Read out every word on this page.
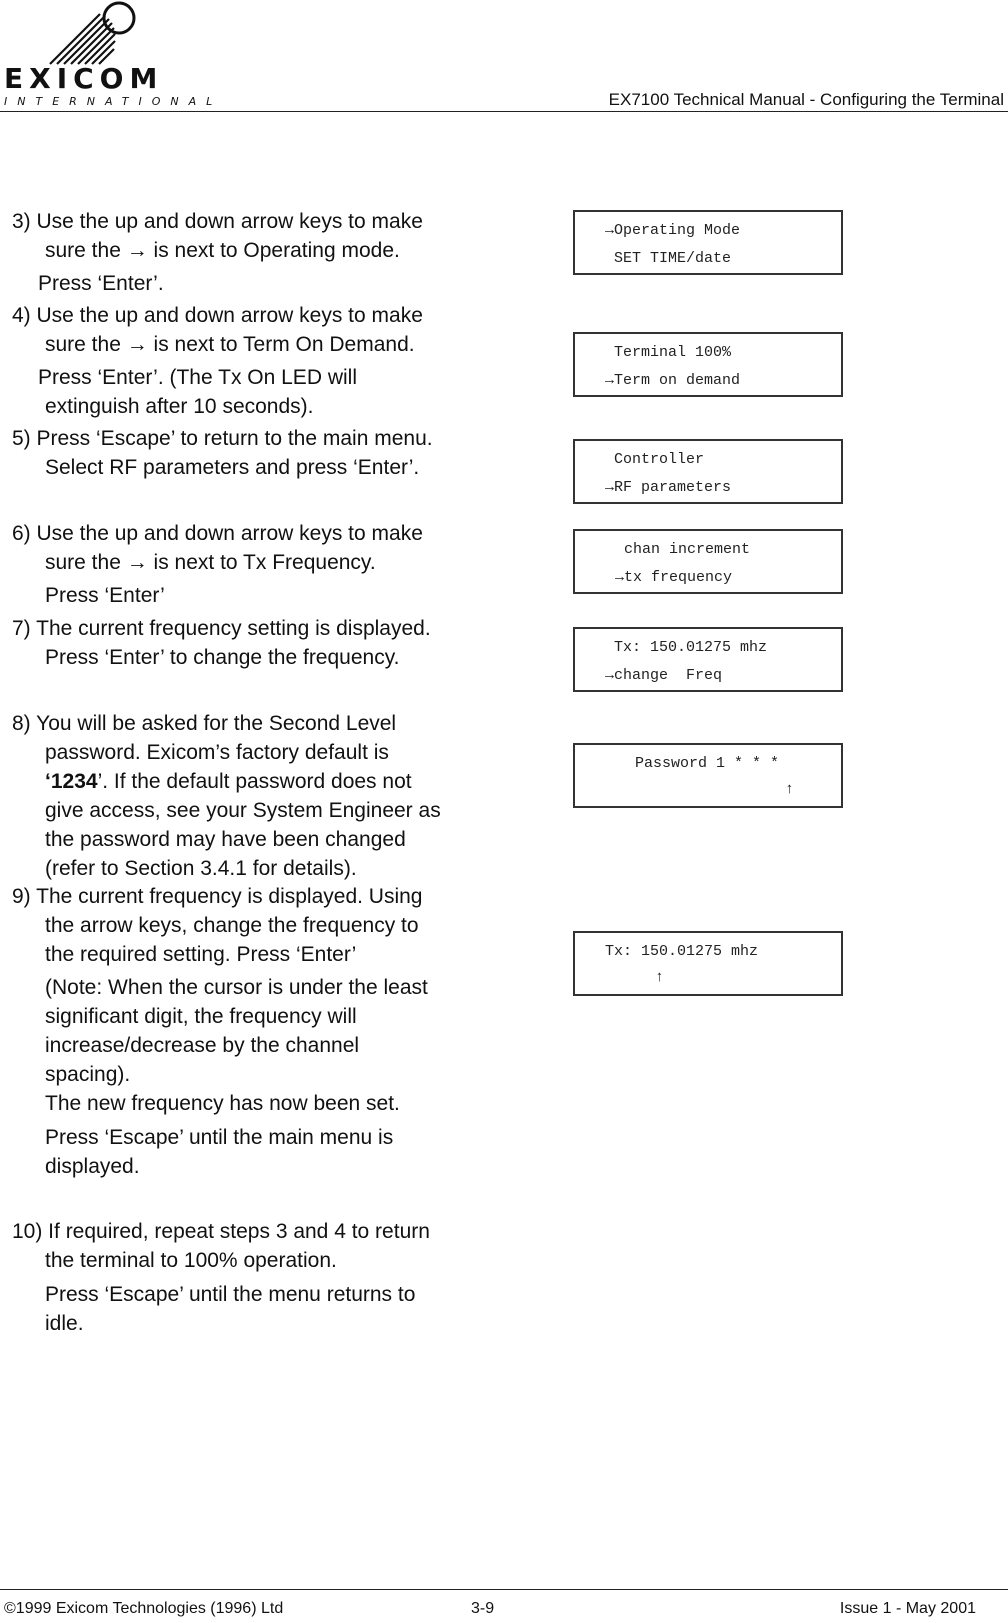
EXICOM
INTERNATIONAL	EX7100 Technical Manual - Configuring the Terminal
3) Use the up and down arrow keys to make
sure the → is next to Operating mode.
Press ‘Enter’.
4) Use the up and down arrow keys to make
sure the → is next to Term On Demand.
Press ‘Enter’. (The Tx On LED will
extinguish after 10 seconds).
5) Press ‘Escape’ to return to the main menu.
Select RF parameters and press ‘Enter’.
6) Use the up and down arrow keys to make
sure the → is next to Tx Frequency.
Press ‘Enter’
7) The current frequency setting is displayed.
Press ‘Enter’ to change the frequency.
8) You will be asked for the Second Level
password. Exicom’s factory default is
‘1234’. If the default password does not
give access, see your System Engineer as
the password may have been changed
(refer to Section 3.4.1 for details).
9) The current frequency is displayed. Using
the arrow keys, change the frequency to
the required setting. Press ‘Enter’
(Note: When the cursor is under the least
significant digit, the frequency will
increase/decrease by the channel
spacing).
The new frequency has now been set.
Press ‘Escape’ until the main menu is
displayed.
10) If required, repeat steps 3 and 4 to return
the terminal to 100% operation.
Press ‘Escape’ until the menu returns to
idle.
→Operating Mode
SET TIME/date
Terminal 100%
→Term on demand
Controller
→RF parameters
chan increment
→tx frequency
Tx: 150.01275 mhz
→change  Freq
Password 1 * * *
↑
Tx: 150.01275 mhz
↑
©1999 Exicom Technologies (1996) Ltd	3-9	Issue 1 - May 2001
